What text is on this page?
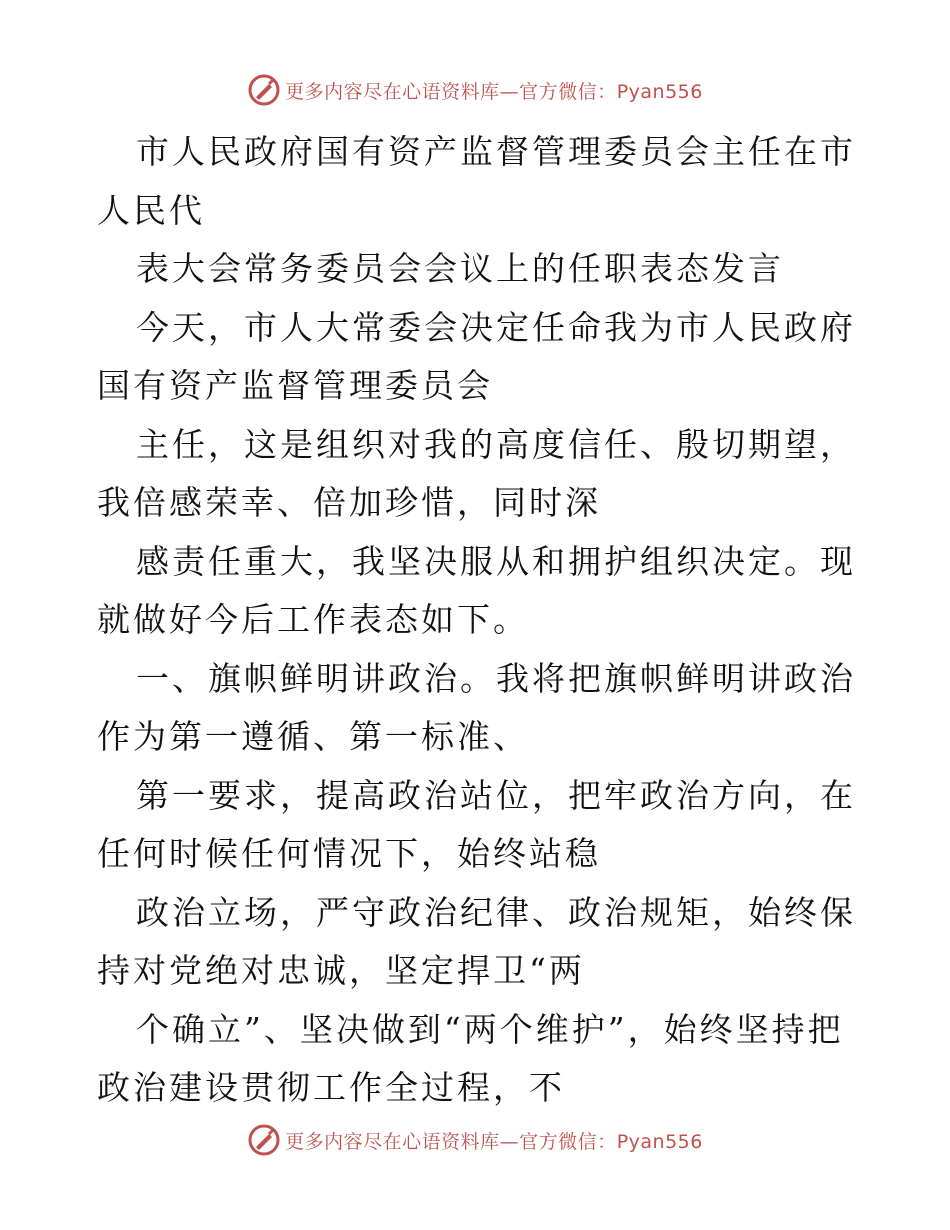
更多内容尽在心语资料库—官方微信：Pyan556

市人民政府国有资产监督管理委员会主任在市人民代

表大会常务委员会会议上的任职表态发言

今天，市人大常委会决定任命我为市人民政府国有资产监督管理委员会

主任，这是组织对我的高度信任、殷切期望，我倍感荣幸、倍加珍惜，同时深

感责任重大，我坚决服从和拥护组织决定。现就做好今后工作表态如下。

一、旗帜鲜明讲政治。我将把旗帜鲜明讲政治作为第一遵循、第一标准、

第一要求，提高政治站位，把牢政治方向，在任何时候任何情况下，始终站稳

政治立场，严守政治纪律、政治规矩，始终保持对党绝对忠诚，坚定捍卫“两

个确立”、坚决做到“两个维护”，始终坚持把政治建设贯彻工作全过程，不

更多内容尽在心语资料库—官方微信：Pyan556
